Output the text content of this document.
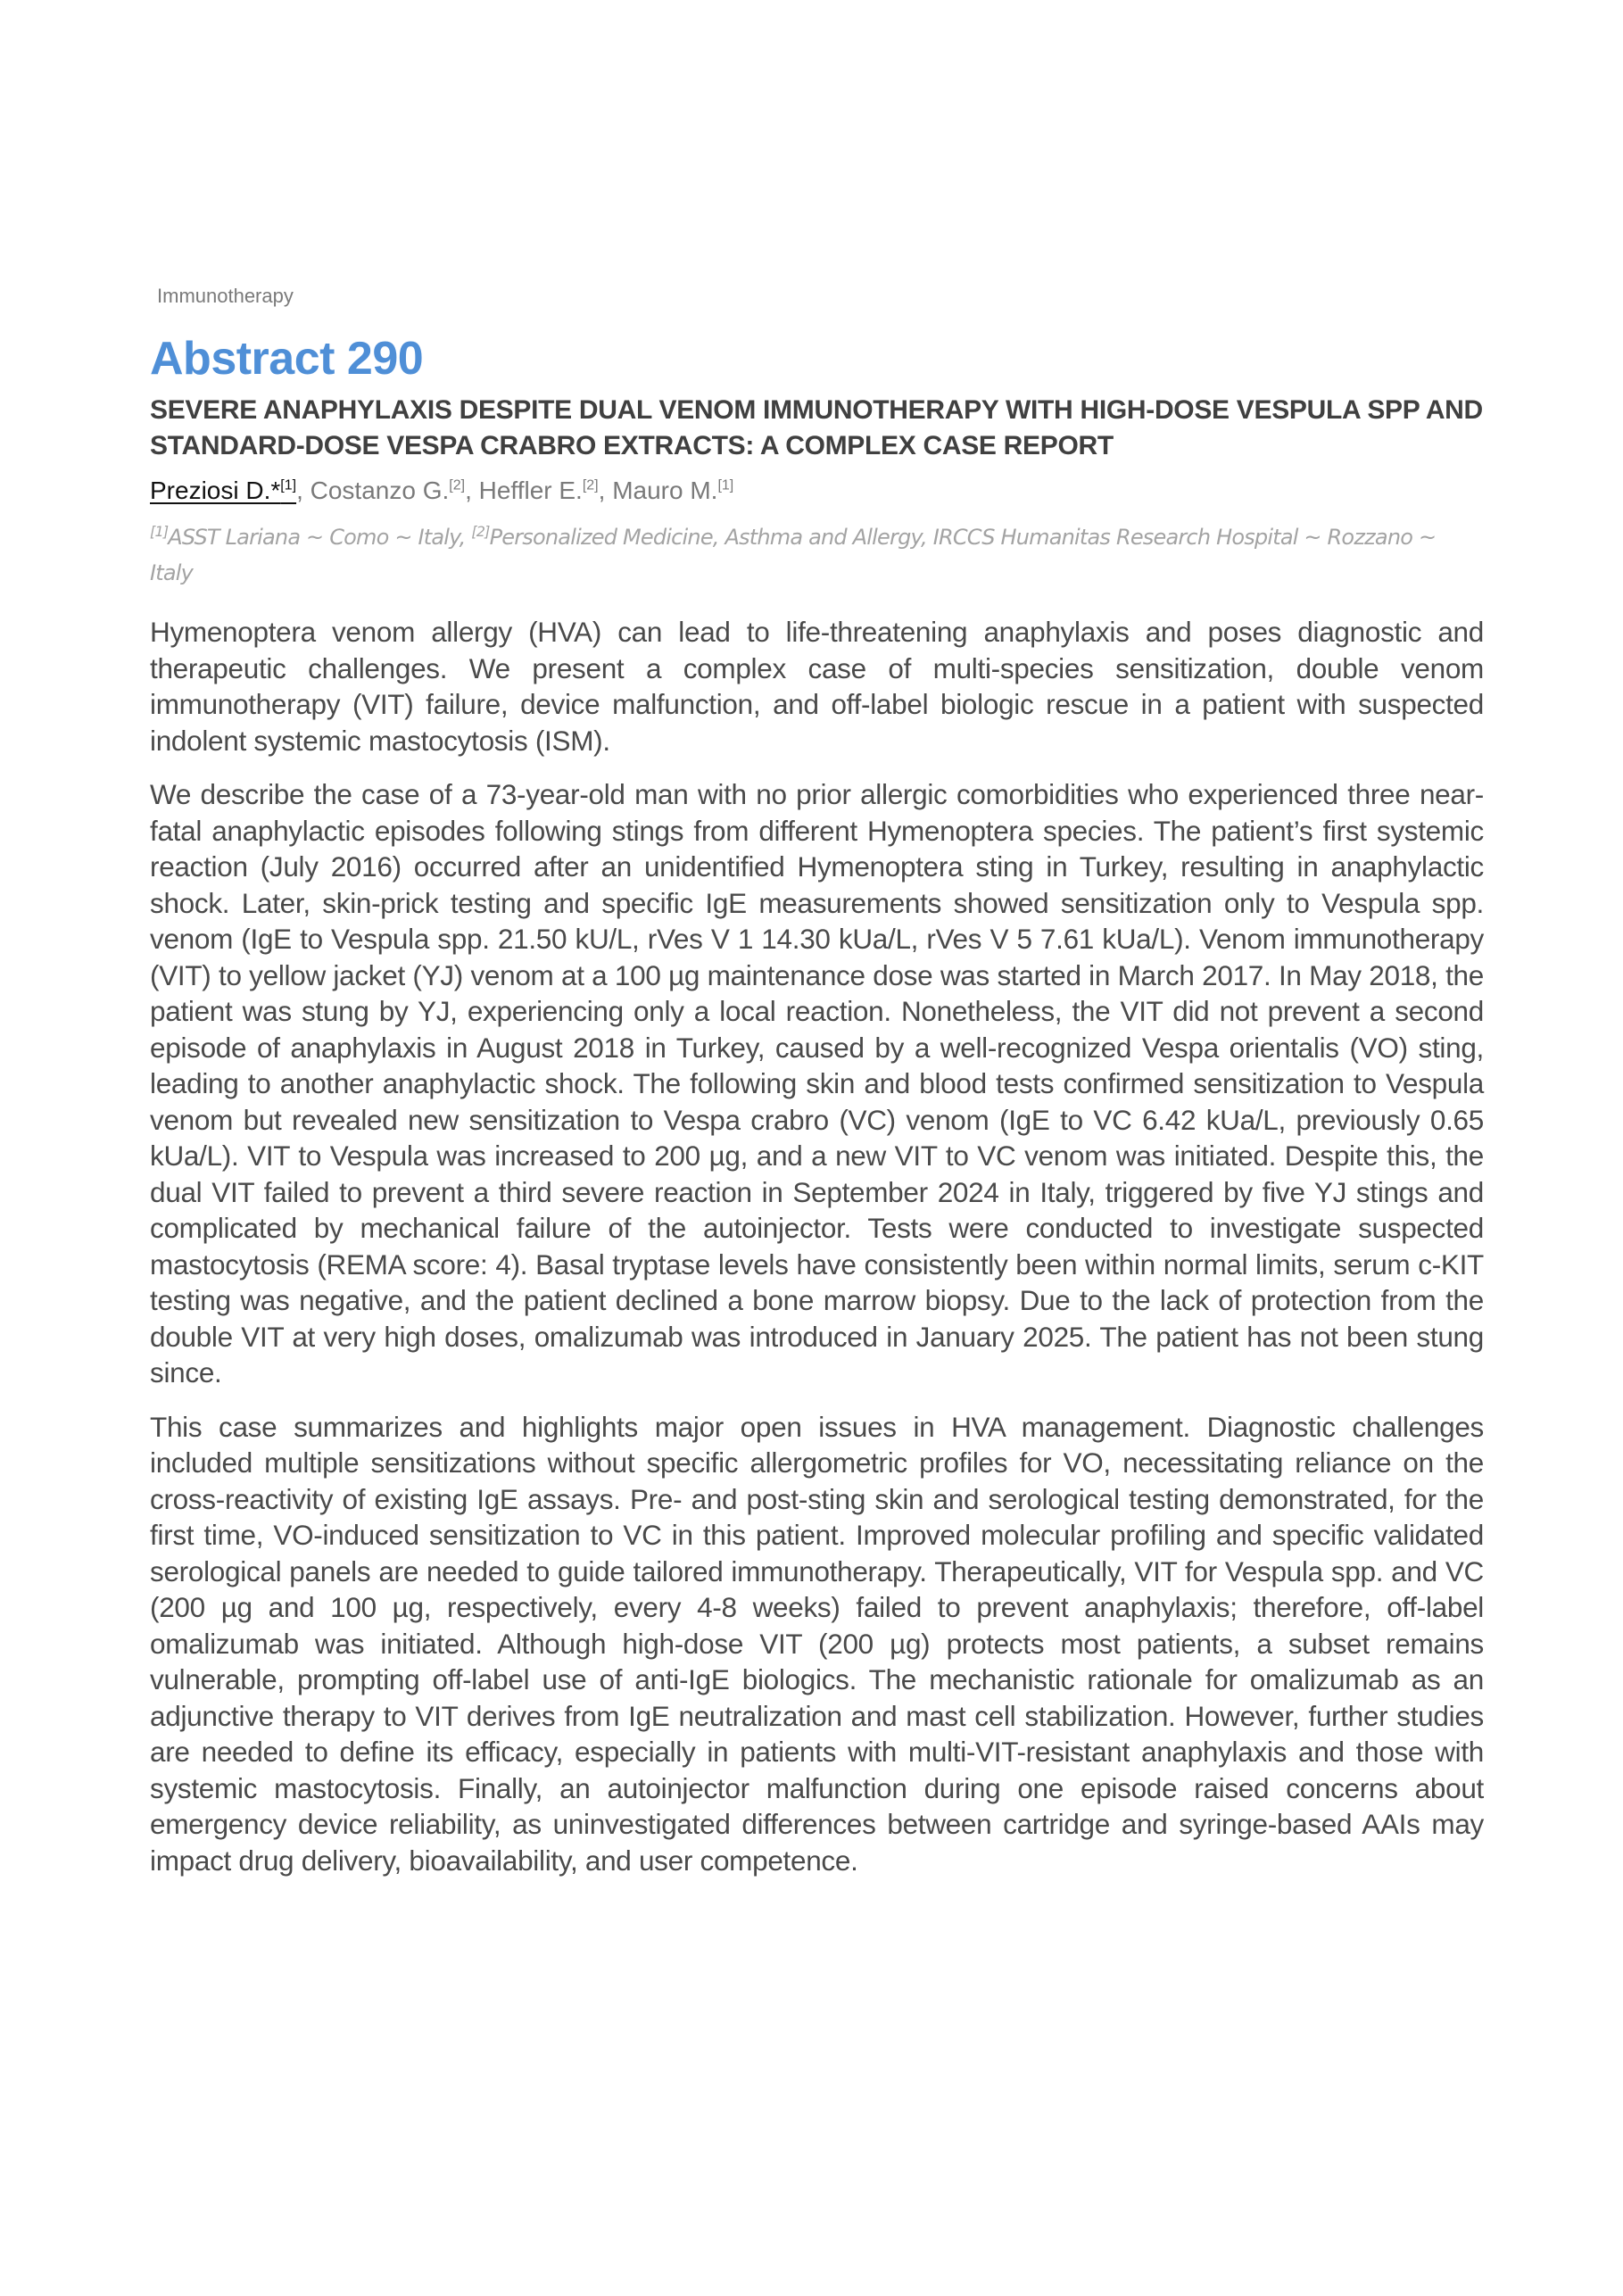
Immunotherapy
Abstract 290
SEVERE ANAPHYLAXIS DESPITE DUAL VENOM IMMUNOTHERAPY WITH HIGH-DOSE VESPULA SPP AND STANDARD-DOSE VESPA CRABRO EXTRACTS: A COMPLEX CASE REPORT
Preziosi D.*[1], Costanzo G.[2], Heffler E.[2], Mauro M.[1]
[1]ASST Lariana ~ Como ~ Italy, [2]Personalized Medicine, Asthma and Allergy, IRCCS Humanitas Research Hospital ~ Rozzano ~ Italy

Hymenoptera venom allergy (HVA) can lead to life-threatening anaphylaxis and poses diagnostic and therapeutic challenges. We present a complex case of multi-species sensitization, double venom immunotherapy (VIT) failure, device malfunction, and off-label biologic rescue in a patient with suspected indolent systemic mastocytosis (ISM).

We describe the case of a 73-year-old man with no prior allergic comorbidities who experienced three near-fatal anaphylactic episodes following stings from different Hymenoptera species. The patient’s first systemic reaction (July 2016) occurred after an unidentified Hymenoptera sting in Turkey, resulting in anaphylactic shock. Later, skin-prick testing and specific IgE measurements showed sensitization only to Vespula spp. venom (IgE to Vespula spp. 21.50 kU/L, rVes V 1 14.30 kUa/L, rVes V 5 7.61 kUa/L). Venom immunotherapy (VIT) to yellow jacket (YJ) venom at a 100 µg maintenance dose was started in March 2017. In May 2018, the patient was stung by YJ, experiencing only a local reaction. Nonetheless, the VIT did not prevent a second episode of anaphylaxis in August 2018 in Turkey, caused by a well-recognized Vespa orientalis (VO) sting, leading to another anaphylactic shock. The following skin and blood tests confirmed sensitization to Vespula venom but revealed new sensitization to Vespa crabro (VC) venom (IgE to VC 6.42 kUa/L, previously 0.65 kUa/L). VIT to Vespula was increased to 200 µg, and a new VIT to VC venom was initiated. Despite this, the dual VIT failed to prevent a third severe reaction in September 2024 in Italy, triggered by five YJ stings and complicated by mechanical failure of the autoinjector. Tests were conducted to investigate suspected mastocytosis (REMA score: 4). Basal tryptase levels have consistently been within normal limits, serum c-KIT testing was negative, and the patient declined a bone marrow biopsy. Due to the lack of protection from the double VIT at very high doses, omalizumab was introduced in January 2025. The patient has not been stung since.

This case summarizes and highlights major open issues in HVA management. Diagnostic challenges included multiple sensitizations without specific allergometric profiles for VO, necessitating reliance on the cross-reactivity of existing IgE assays. Pre- and post-sting skin and serological testing demonstrated, for the first time, VO-induced sensitization to VC in this patient. Improved molecular profiling and specific validated serological panels are needed to guide tailored immunotherapy. Therapeutically, VIT for Vespula spp. and VC (200 µg and 100 µg, respectively, every 4-8 weeks) failed to prevent anaphylaxis; therefore, off-label omalizumab was initiated. Although high-dose VIT (200 µg) protects most patients, a subset remains vulnerable, prompting off-label use of anti-IgE biologics. The mechanistic rationale for omalizumab as an adjunctive therapy to VIT derives from IgE neutralization and mast cell stabilization. However, further studies are needed to define its efficacy, especially in patients with multi-VIT-resistant anaphylaxis and those with systemic mastocytosis. Finally, an autoinjector malfunction during one episode raised concerns about emergency device reliability, as uninvestigated differences between cartridge and syringe-based AAIs may impact drug delivery, bioavailability, and user competence.
